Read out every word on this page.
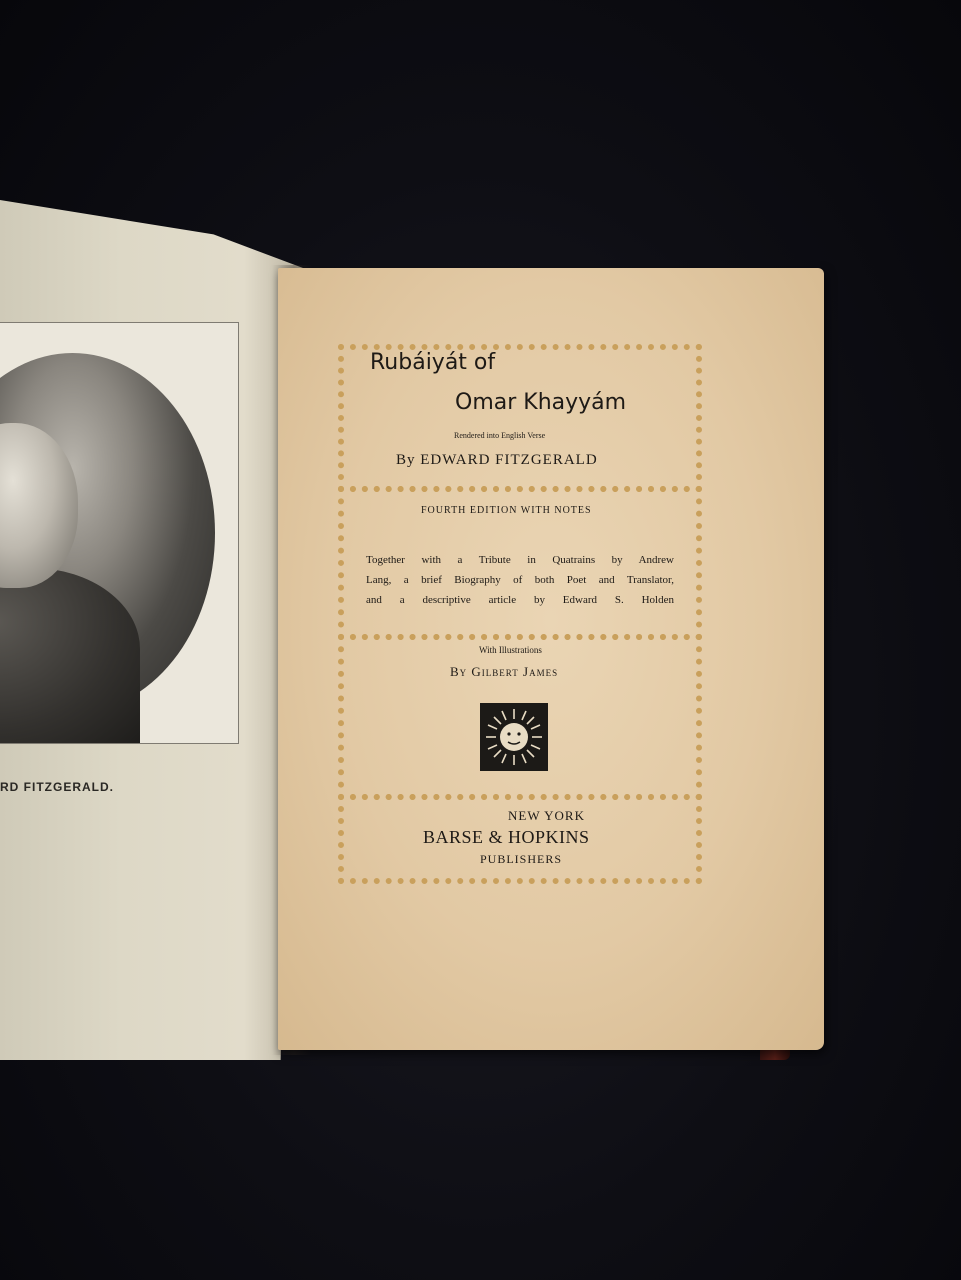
RD FITZGERALD.
Rubáiyát of
Omar Khayyám
Rendered into English Verse
By EDWARD FITZGERALD
FOURTH EDITION WITH NOTES
Together with a Tribute in Quatrains by Andrew
Lang, a brief Biography of both Poet and Translator,
and a descriptive article by Edward S. Holden
With Illustrations
By Gilbert James
NEW YORK
BARSE & HOPKINS
PUBLISHERS
